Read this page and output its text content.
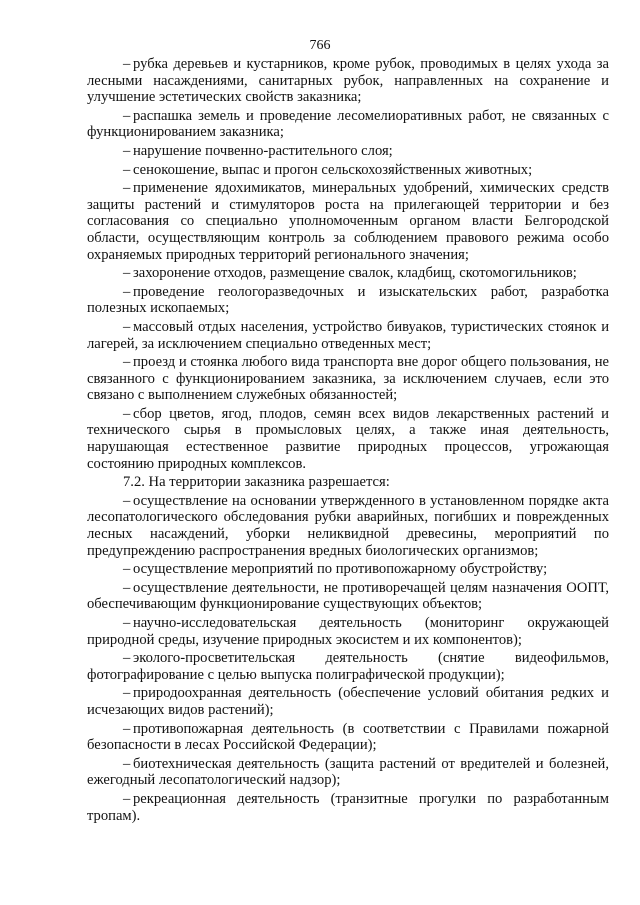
766

– рубка деревьев и кустарников, кроме рубок, проводимых в целях ухода за лесными насаждениями, санитарных рубок, направленных на сохранение и улучшение эстетических свойств заказника;

– распашка земель и проведение лесомелиоративных работ, не связанных с функционированием заказника;

– нарушение почвенно-растительного слоя;

– сенокошение, выпас и прогон сельскохозяйственных животных;

– применение ядохимикатов, минеральных удобрений, химических средств защиты растений и стимуляторов роста на прилегающей территории и без согласования со специально уполномоченным органом власти Белгородской области, осуществляющим контроль за соблюдением правового режима особо охраняемых природных территорий регионального значения;

– захоронение отходов, размещение свалок, кладбищ, скотомогильников;

– проведение геологоразведочных и изыскательских работ, разработка полезных ископаемых;

– массовый отдых населения, устройство бивуаков, туристических стоянок и лагерей, за исключением специально отведенных мест;

– проезд и стоянка любого вида транспорта вне дорог общего пользования, не связанного с функционированием заказника, за исключением случаев, если это связано с выполнением служебных обязанностей;

– сбор цветов, ягод, плодов, семян всех видов лекарственных растений и технического сырья в промысловых целях, а также иная деятельность, нарушающая естественное развитие природных процессов, угрожающая состоянию природных комплексов.

7.2. На территории заказника разрешается:

– осуществление на основании утвержденного в установленном порядке акта лесопатологического обследования рубки аварийных, погибших и поврежденных лесных насаждений, уборки неликвидной древесины, мероприятий по предупреждению распространения вредных биологических организмов;

– осуществление мероприятий по противопожарному обустройству;

– осуществление деятельности, не противоречащей целям назначения ООПТ, обеспечивающим функционирование существующих объектов;

– научно-исследовательская деятельность (мониторинг окружающей природной среды, изучение природных экосистем и их компонентов);

– эколого-просветительская деятельность (снятие видеофильмов, фотографирование с целью выпуска полиграфической продукции);

– природоохранная деятельность (обеспечение условий обитания редких и исчезающих видов растений);

– противопожарная деятельность (в соответствии с Правилами пожарной безопасности в лесах Российской Федерации);

– биотехническая деятельность (защита растений от вредителей и болезней, ежегодный лесопатологический надзор);

– рекреационная деятельность (транзитные прогулки по разработанным тропам).
